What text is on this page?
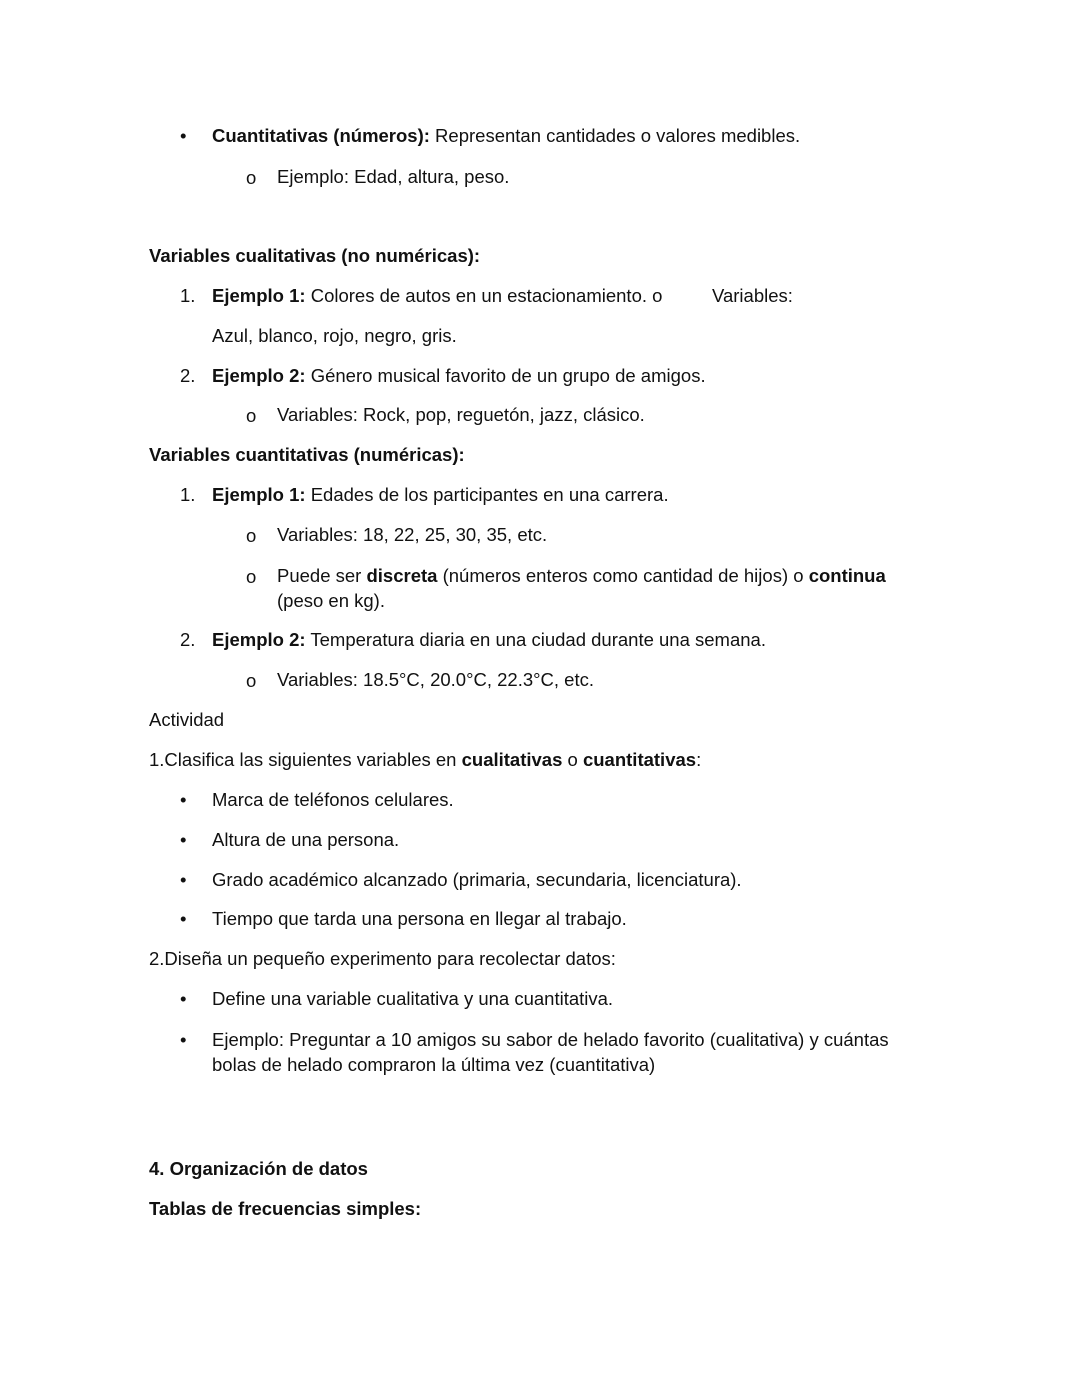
• Cuantitativas (números): Representan cantidades o valores medibles.
o Ejemplo: Edad, altura, peso.
Variables cualitativas (no numéricas):
1. Ejemplo 1: Colores de autos en un estacionamiento. o	Variables:
Azul, blanco, rojo, negro, gris.
2. Ejemplo 2: Género musical favorito de un grupo de amigos.
o Variables: Rock, pop, reguetón, jazz, clásico.
Variables cuantitativas (numéricas):
1. Ejemplo 1: Edades de los participantes en una carrera.
o Variables: 18, 22, 25, 30, 35, etc.
o Puede ser discreta (números enteros como cantidad de hijos) o continua
(peso en kg).
2. Ejemplo 2: Temperatura diaria en una ciudad durante una semana.
o Variables: 18.5°C, 20.0°C, 22.3°C, etc.
Actividad
1.Clasifica las siguientes variables en cualitativas o cuantitativas:
• Marca de teléfonos celulares.
• Altura de una persona.
• Grado académico alcanzado (primaria, secundaria, licenciatura).
• Tiempo que tarda una persona en llegar al trabajo.
2.Diseña un pequeño experimento para recolectar datos:
• Define una variable cualitativa y una cuantitativa.
• Ejemplo: Preguntar a 10 amigos su sabor de helado favorito (cualitativa) y cuántas bolas de helado compraron la última vez (cuantitativa)
4. Organización de datos
Tablas de frecuencias simples:
